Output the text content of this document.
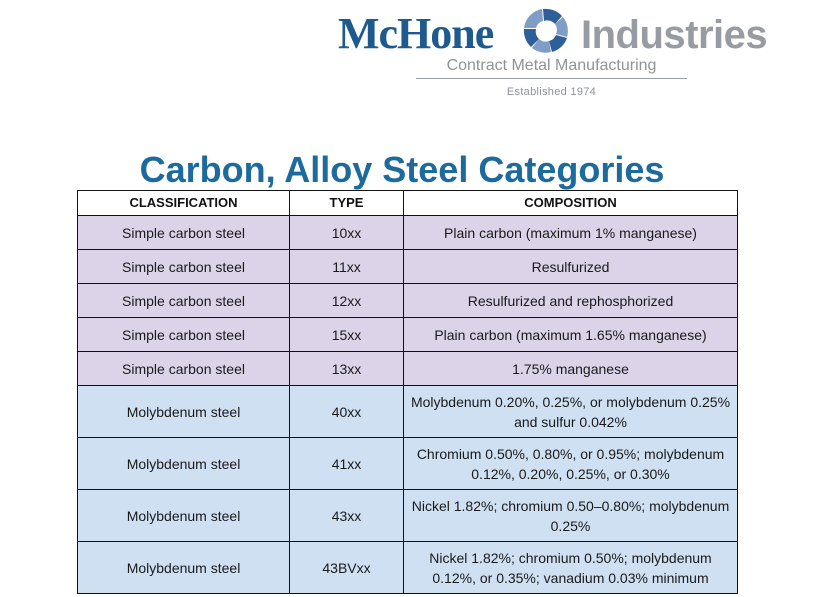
McHone Industries
Contract Metal Manufacturing
Established 1974
Carbon, Alloy Steel Categories
CLASSIFICATION	TYPE	COMPOSITION
Simple carbon steel	10xx	Plain carbon (maximum 1% manganese)
Simple carbon steel	11xx	Resulfurized
Simple carbon steel	12xx	Resulfurized and rephosphorized
Simple carbon steel	15xx	Plain carbon (maximum 1.65% manganese)
Simple carbon steel	13xx	1.75% manganese
Molybdenum steel	40xx	Molybdenum 0.20%, 0.25%, or molybdenum 0.25% and sulfur 0.042%
Molybdenum steel	41xx	Chromium 0.50%, 0.80%, or 0.95%; molybdenum 0.12%, 0.20%, 0.25%, or 0.30%
Molybdenum steel	43xx	Nickel 1.82%; chromium 0.50–0.80%; molybdenum 0.25%
Molybdenum steel	43BVxx	Nickel 1.82%; chromium 0.50%; molybdenum 0.12%, or 0.35%; vanadium 0.03% minimum
